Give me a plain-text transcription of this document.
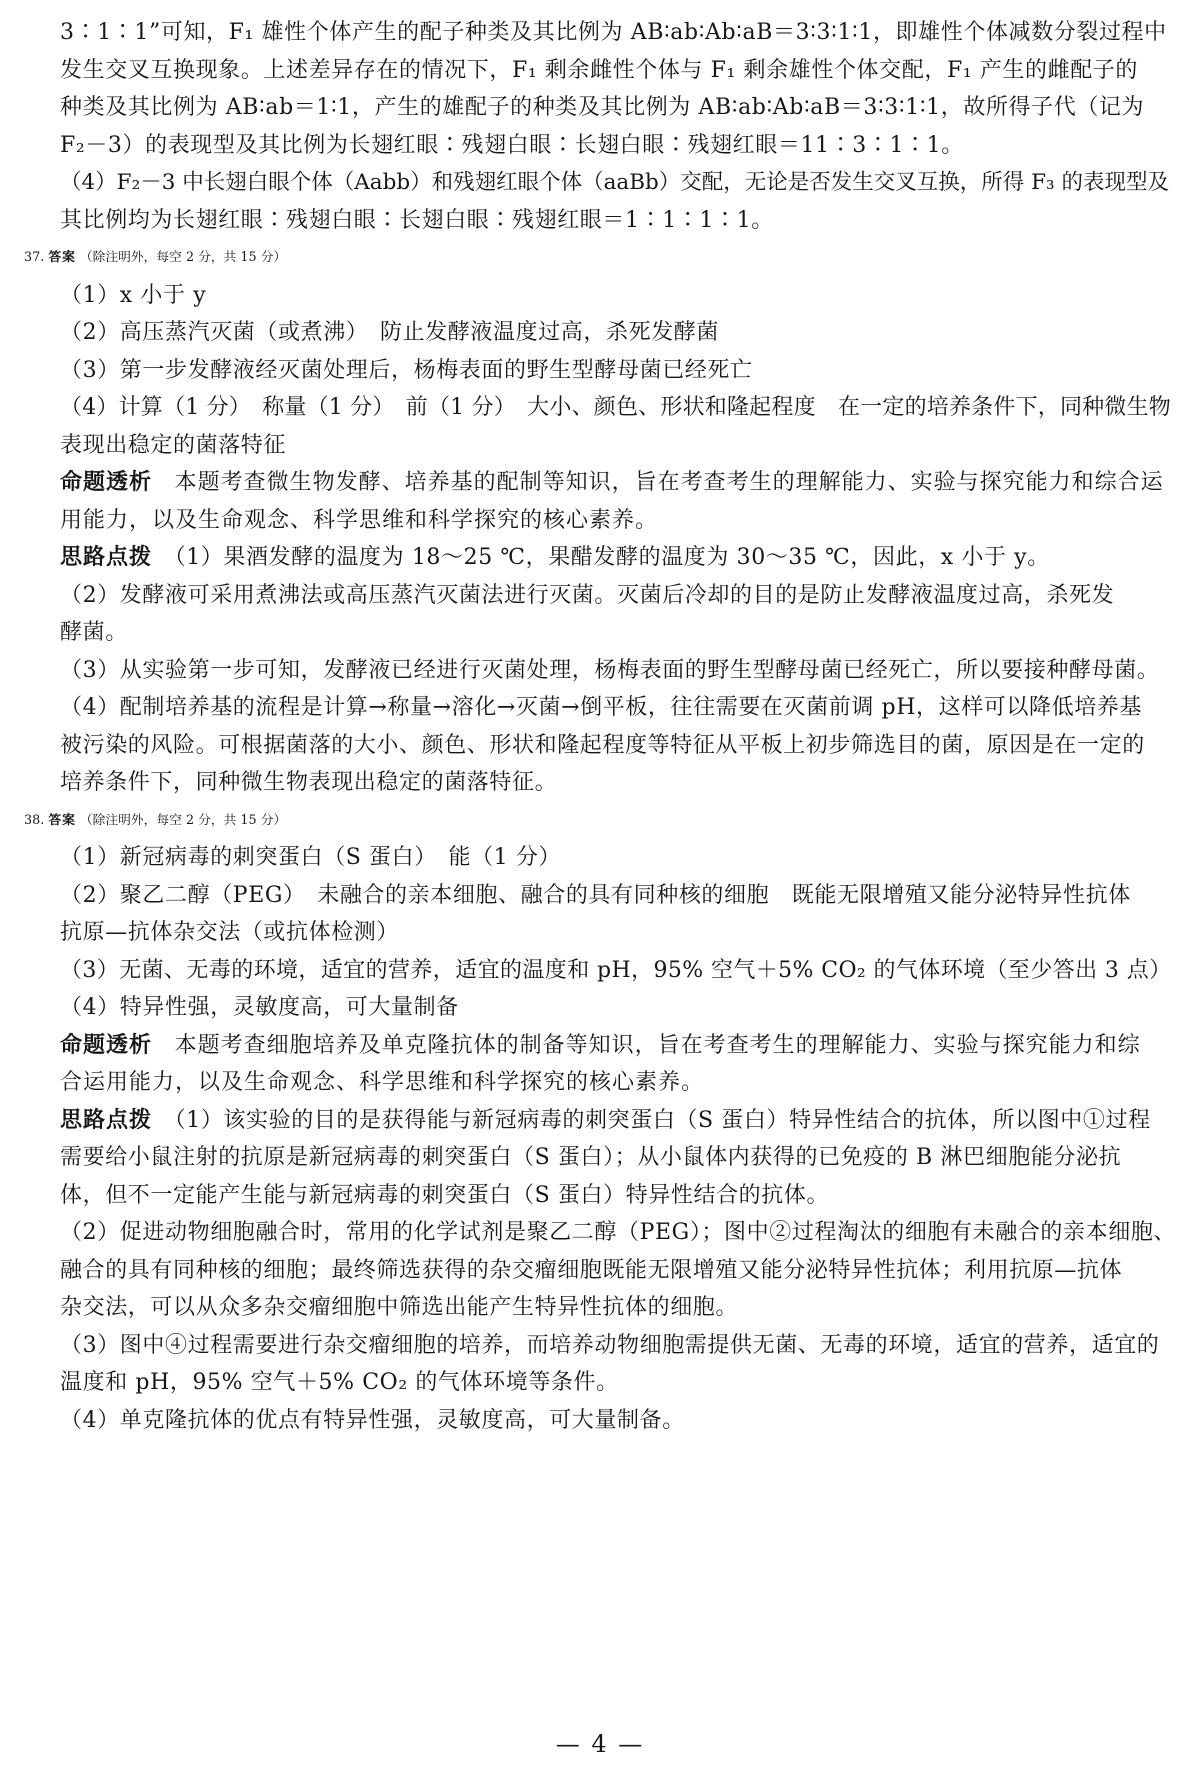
3∶1∶1”可知，F₁ 雄性个体产生的配子种类及其比例为 AB∶ab∶Ab∶aB＝3∶3∶1∶1，即雄性个体减数分裂过程中
发生交叉互换现象。上述差异存在的情况下，F₁ 剩余雌性个体与 F₁ 剩余雄性个体交配，F₁ 产生的雌配子的
种类及其比例为 AB∶ab＝1∶1，产生的雄配子的种类及其比例为 AB∶ab∶Ab∶aB＝3∶3∶1∶1，故所得子代（记为
F₂－3）的表现型及其比例为长翅红眼∶残翅白眼∶长翅白眼∶残翅红眼＝11∶3∶1∶1。
（4）F₂－3 中长翅白眼个体（Aabb）和残翅红眼个体（aaBb）交配，无论是否发生交叉互换，所得 F₃ 的表现型及
其比例均为长翅红眼∶残翅白眼∶长翅白眼∶残翅红眼＝1∶1∶1∶1。
37. 答案 （除注明外，每空 2 分，共 15 分）
（1）x 小于 y
（2）高压蒸汽灭菌（或煮沸）　防止发酵液温度过高，杀死发酵菌
（3）第一步发酵液经灭菌处理后，杨梅表面的野生型酵母菌已经死亡
（4）计算（1 分）　称量（1 分）　前（1 分）　大小、颜色、形状和隆起程度　在一定的培养条件下，同种微生物
表现出稳定的菌落特征
命题透析　 本题考查微生物发酵、培养基的配制等知识，旨在考查考生的理解能力、实验与探究能力和综合运
用能力，以及生命观念、科学思维和科学探究的核心素养。
思路点拨　 （1）果酒发酵的温度为 18～25 ℃，果醋发酵的温度为 30～35 ℃，因此，x 小于 y。
（2）发酵液可采用煮沸法或高压蒸汽灭菌法进行灭菌。灭菌后冷却的目的是防止发酵液温度过高，杀死发
酵菌。
（3）从实验第一步可知，发酵液已经进行灭菌处理，杨梅表面的野生型酵母菌已经死亡，所以要接种酵母菌。
（4）配制培养基的流程是计算→称量→溶化→灭菌→倒平板，往往需要在灭菌前调 pH，这样可以降低培养基
被污染的风险。可根据菌落的大小、颜色、形状和隆起程度等特征从平板上初步筛选目的菌，原因是在一定的
培养条件下，同种微生物表现出稳定的菌落特征。
38. 答案 （除注明外，每空 2 分，共 15 分）
（1）新冠病毒的刺突蛋白（S 蛋白）　能（1 分）
（2）聚乙二醇（PEG）　未融合的亲本细胞、融合的具有同种核的细胞　既能无限增殖又能分泌特异性抗体
抗原—抗体杂交法（或抗体检测）
（3）无菌、无毒的环境，适宜的营养，适宜的温度和 pH，95% 空气＋5% CO₂ 的气体环境（至少答出 3 点）
（4）特异性强，灵敏度高，可大量制备
命题透析　 本题考查细胞培养及单克隆抗体的制备等知识，旨在考查考生的理解能力、实验与探究能力和综
合运用能力，以及生命观念、科学思维和科学探究的核心素养。
思路点拨　 （1）该实验的目的是获得能与新冠病毒的刺突蛋白（S 蛋白）特异性结合的抗体，所以图中①过程
需要给小鼠注射的抗原是新冠病毒的刺突蛋白（S 蛋白）；从小鼠体内获得的已免疫的 B 淋巴细胞能分泌抗
体，但不一定能产生能与新冠病毒的刺突蛋白（S 蛋白）特异性结合的抗体。
（2）促进动物细胞融合时，常用的化学试剂是聚乙二醇（PEG）；图中②过程淘汰的细胞有未融合的亲本细胞、
融合的具有同种核的细胞；最终筛选获得的杂交瘤细胞既能无限增殖又能分泌特异性抗体；利用抗原—抗体
杂交法，可以从众多杂交瘤细胞中筛选出能产生特异性抗体的细胞。
（3）图中④过程需要进行杂交瘤细胞的培养，而培养动物细胞需提供无菌、无毒的环境，适宜的营养，适宜的
温度和 pH，95% 空气＋5% CO₂ 的气体环境等条件。
（4）单克隆抗体的优点有特异性强，灵敏度高，可大量制备。
— 4 —
